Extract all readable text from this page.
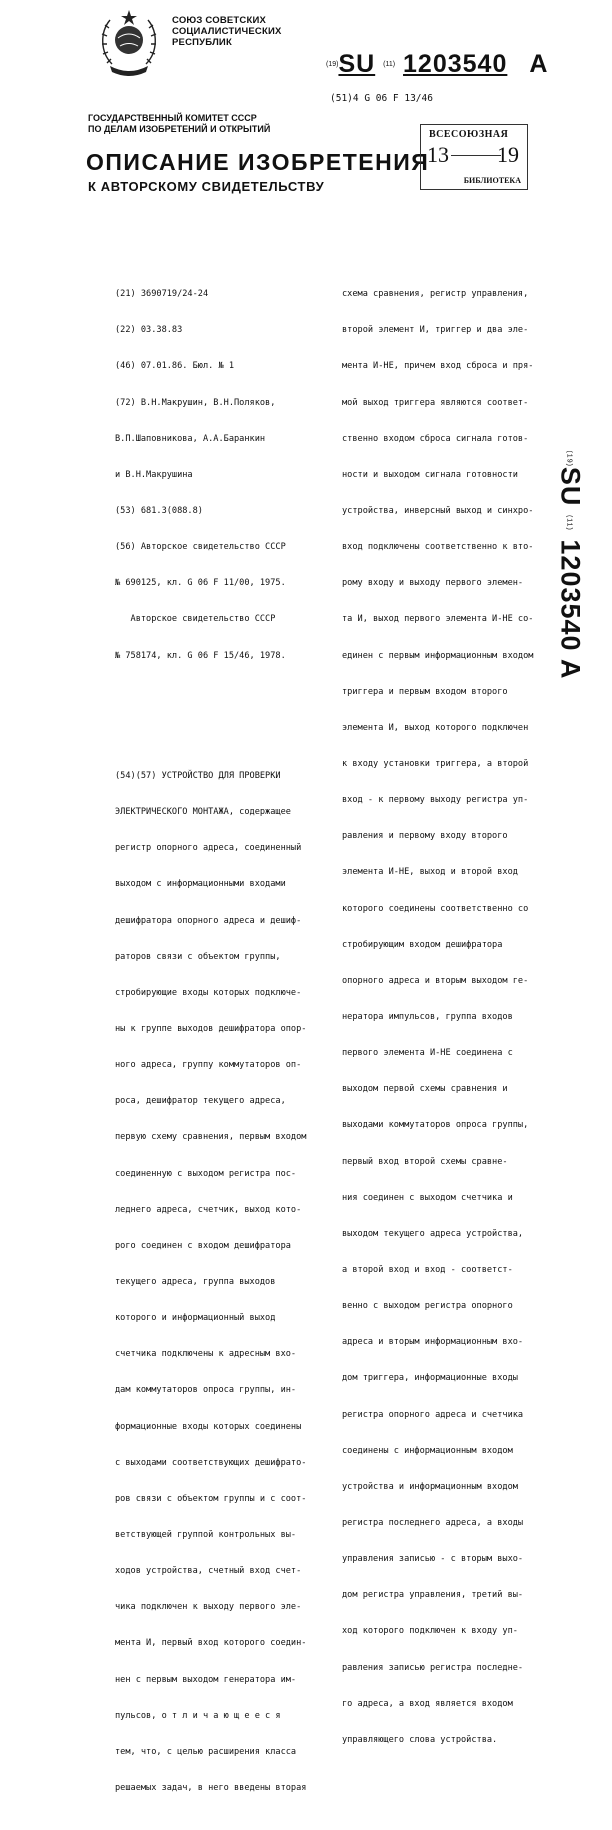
СОЮЗ СОВЕТСКИХ
СОЦИАЛИСТИЧЕСКИХ
РЕСПУБЛИК
$^{(19)}$SU $^{(11)}$ 1203540 A
(51)4 G 06 F 13/46
ГОСУДАРСТВЕННЫЙ КОМИТЕТ СССР
ПО ДЕЛАМ ИЗОБРЕТЕНИЙ И ОТКРЫТИЙ
ОПИСАНИЕ ИЗОБРЕТЕНИЯ
К АВТОРСКОМУ СВИДЕТЕЛЬСТВУ
ВСЕСОЮЗНАЯ
13 19
БИБЛИОТЕКА

(21) 3690719/24-24

(22) 03.38.83

(46) 07.01.86. Бюл. № 1

(72) В.Н.Макрушин, В.Н.Поляков,

В.П.Шаповникова, А.А.Баранкин

и В.Н.Макрушина

(53) 681.3(088.8)

(56) Авторское свидетельство СССР

№ 690125, кл. G 06 F 11/00, 1975.

Авторское свидетельство СССР

№ 758174, кл. G 06 F 15/46, 1978.

(54)(57) УСТРОЙСТВО ДЛЯ ПРОВЕРКИ

ЭЛЕКТРИЧЕСКОГО МОНТАЖА, содержащее

регистр опорного адреса, соединенный

выходом с информационными входами

дешифратора опорного адреса и дешиф-

раторов связи с объектом группы,

стробирующие входы которых подключе-

ны к группе выходов дешифратора опор-

ного адреса, группу коммутаторов оп-

роса, дешифратор текущего адреса,

первую схему сравнения, первым входом

соединенную с выходом регистра пос-

леднего адреса, счетчик, выход кото-

рого соединен с входом дешифратора

текущего адреса, группа выходов

которого и информационный выход

счетчика подключены к адресным вхо-

дам коммутаторов опроса группы, ин-

формационные входы которых соединены

с выходами соответствующих дешифрато-

ров связи с объектом группы и с соот-

ветствующей группой контрольных вы-

ходов устройства, счетный вход счет-

чика подключен к выходу первого эле-

мента И, первый вход которого соедин-

нен с первым выходом генератора им-

пульсов, о т л и ч а ю щ е е с я

тем, что, с целью расширения класса

решаемых задач, в него введены вторая

схема сравнения, регистр управления,

второй элемент И, триггер и два эле-

мента И-НЕ, причем вход сброса и пря-

мой выход триггера являются соответ-

ственно входом сброса сигнала готов-

ности и выходом сигнала готовности

устройства, инверсный выход и синхро-

вход подключены соответственно к вто-

рому входу и выходу первого элемен-

та И, выход первого элемента И-НЕ со-

единен с первым информационным входом

триггера и первым входом второго

элемента И, выход которого подключен

к входу установки триггера, а второй

вход - к первому выходу регистра уп-

равления и первому входу второго

элемента И-НЕ, выход и второй вход

которого соединены соответственно со

стробирующим входом дешифратора

опорного адреса и вторым выходом ге-

нератора импульсов, группа входов

первого элемента И-НЕ соединена с

выходом первой схемы сравнения и

выходами коммутаторов опроса группы,

первый вход второй схемы сравне-

ния соединен с выходом счетчика и

выходом текущего адреса устройства,

а второй вход и вход - соответст-

венно с выходом регистра опорного

адреса и вторым информационным вхо-

дом триггера, информационные входы

регистра опорного адреса и счетчика

соединены с информационным входом

устройства и информационным входом

регистра последнего адреса, а входы

управления записью - с вторым выхо-

дом регистра управления, третий вы-

ход которого подключен к входу уп-

равления записью регистра последне-

го адреса, а вход является входом

управляющего слова устройства.

$^{(19)}$SU $^{(11)}$ 1203540 A
